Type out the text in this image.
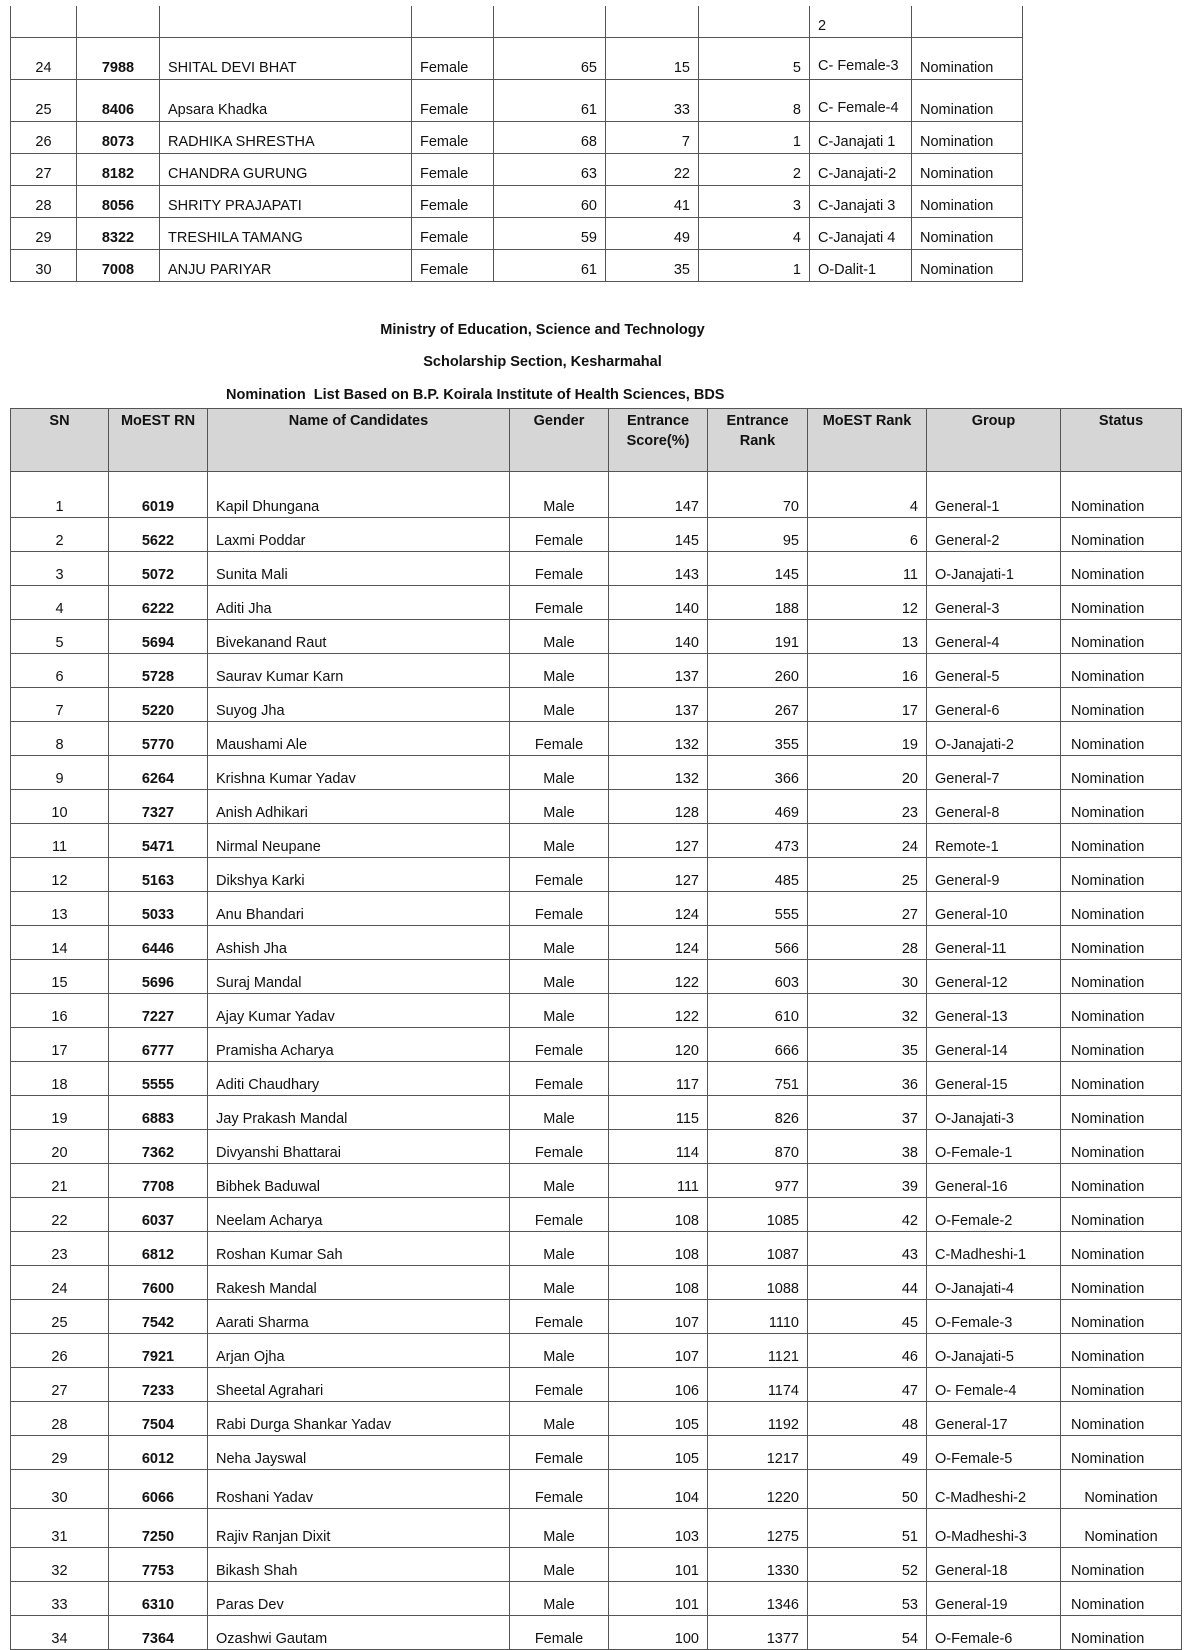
							2	
24	7988	SHITAL DEVI BHAT	Female	65	15	5	C- Female-3	Nomination
25	8406	Apsara Khadka	Female	61	33	8	C- Female-4	Nomination
26	8073	RADHIKA SHRESTHA	Female	68	7	1	C-Janajati 1	Nomination
27	8182	CHANDRA GURUNG	Female	63	22	2	C-Janajati-2	Nomination
28	8056	SHRITY PRAJAPATI	Female	60	41	3	C-Janajati 3	Nomination
29	8322	TRESHILA TAMANG	Female	59	49	4	C-Janajati 4	Nomination
30	7008	ANJU PARIYAR	Female	61	35	1	O-Dalit-1	Nomination
Ministry of Education, Science and Technology
Scholarship Section, Kesharmahal
Nomination  List Based on B.P. Koirala Institute of Health Sciences, BDS
SN	MoEST RN	Name of Candidates	Gender	Entrance Score(%)	Entrance Rank	MoEST Rank	Group	Status

1	6019	Kapil Dhungana	Male	147	70	4	General-1	Nomination
2	5622	Laxmi Poddar	Female	145	95	6	General-2	Nomination
3	5072	Sunita Mali	Female	143	145	11	O-Janajati-1	Nomination
4	6222	Aditi Jha	Female	140	188	12	General-3	Nomination
5	5694	Bivekanand Raut	Male	140	191	13	General-4	Nomination
6	5728	Saurav Kumar Karn	Male	137	260	16	General-5	Nomination
7	5220	Suyog Jha	Male	137	267	17	General-6	Nomination
8	5770	Maushami Ale	Female	132	355	19	O-Janajati-2	Nomination
9	6264	Krishna Kumar Yadav	Male	132	366	20	General-7	Nomination
10	7327	Anish Adhikari	Male	128	469	23	General-8	Nomination
11	5471	Nirmal Neupane	Male	127	473	24	Remote-1	Nomination
12	5163	Dikshya Karki	Female	127	485	25	General-9	Nomination
13	5033	Anu Bhandari	Female	124	555	27	General-10	Nomination
14	6446	Ashish Jha	Male	124	566	28	General-11	Nomination
15	5696	Suraj Mandal	Male	122	603	30	General-12	Nomination
16	7227	Ajay Kumar Yadav	Male	122	610	32	General-13	Nomination
17	6777	Pramisha Acharya	Female	120	666	35	General-14	Nomination
18	5555	Aditi Chaudhary	Female	117	751	36	General-15	Nomination
19	6883	Jay Prakash Mandal	Male	115	826	37	O-Janajati-3	Nomination
20	7362	Divyanshi Bhattarai	Female	114	870	38	O-Female-1	Nomination
21	7708	Bibhek Baduwal	Male	111	977	39	General-16	Nomination
22	6037	Neelam Acharya	Female	108	1085	42	O-Female-2	Nomination
23	6812	Roshan Kumar Sah	Male	108	1087	43	C-Madheshi-1	Nomination
24	7600	Rakesh Mandal	Male	108	1088	44	O-Janajati-4	Nomination
25	7542	Aarati Sharma	Female	107	1110	45	O-Female-3	Nomination
26	7921	Arjan Ojha	Male	107	1121	46	O-Janajati-5	Nomination
27	7233	Sheetal Agrahari	Female	106	1174	47	O- Female-4	Nomination
28	7504	Rabi Durga Shankar Yadav	Male	105	1192	48	General-17	Nomination
29	6012	Neha Jayswal	Female	105	1217	49	O-Female-5	Nomination
30	6066	Roshani Yadav	Female	104	1220	50	C-Madheshi-2	Nomination
31	7250	Rajiv Ranjan Dixit	Male	103	1275	51	O-Madheshi-3	Nomination
32	7753	Bikash Shah	Male	101	1330	52	General-18	Nomination
33	6310	Paras Dev	Male	101	1346	53	General-19	Nomination
34	7364	Ozashwi Gautam	Female	100	1377	54	O-Female-6	Nomination
